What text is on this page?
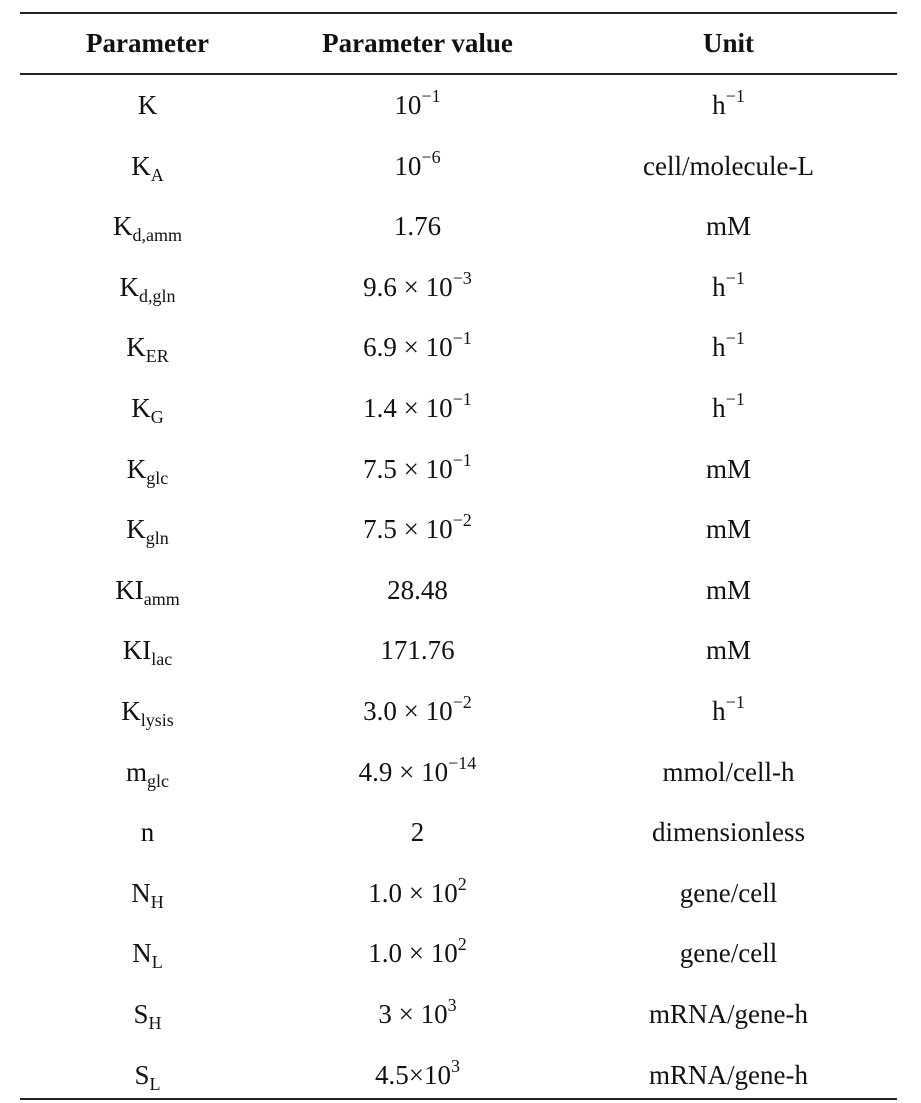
Parameter	Parameter value	Unit
K	$10^{-1}$	$h^{-1}$
$K_A$	$10^{-6}$	cell/molecule-L
$K_{d,amm}$	1.76	mM
$K_{d,gln}$	$9.6 \times 10^{-3}$	$h^{-1}$
$K_{ER}$	$6.9 \times 10^{-1}$	$h^{-1}$
$K_G$	$1.4 \times 10^{-1}$	$h^{-1}$
$K_{glc}$	$7.5 \times 10^{-1}$	mM
$K_{gln}$	$7.5 \times 10^{-2}$	mM
$KI_{amm}$	28.48	mM
$KI_{lac}$	171.76	mM
$K_{lysis}$	$3.0 \times 10^{-2}$	$h^{-1}$
$m_{glc}$	$4.9 \times 10^{-14}$	mmol/cell-h
n	2	dimensionless
$N_H$	$1.0 \times 10^2$	gene/cell
$N_L$	$1.0 \times 10^2$	gene/cell
$S_H$	$3 \times 10^3$	mRNA/gene-h
$S_L$	$4.5\times 10^3$	mRNA/gene-h
